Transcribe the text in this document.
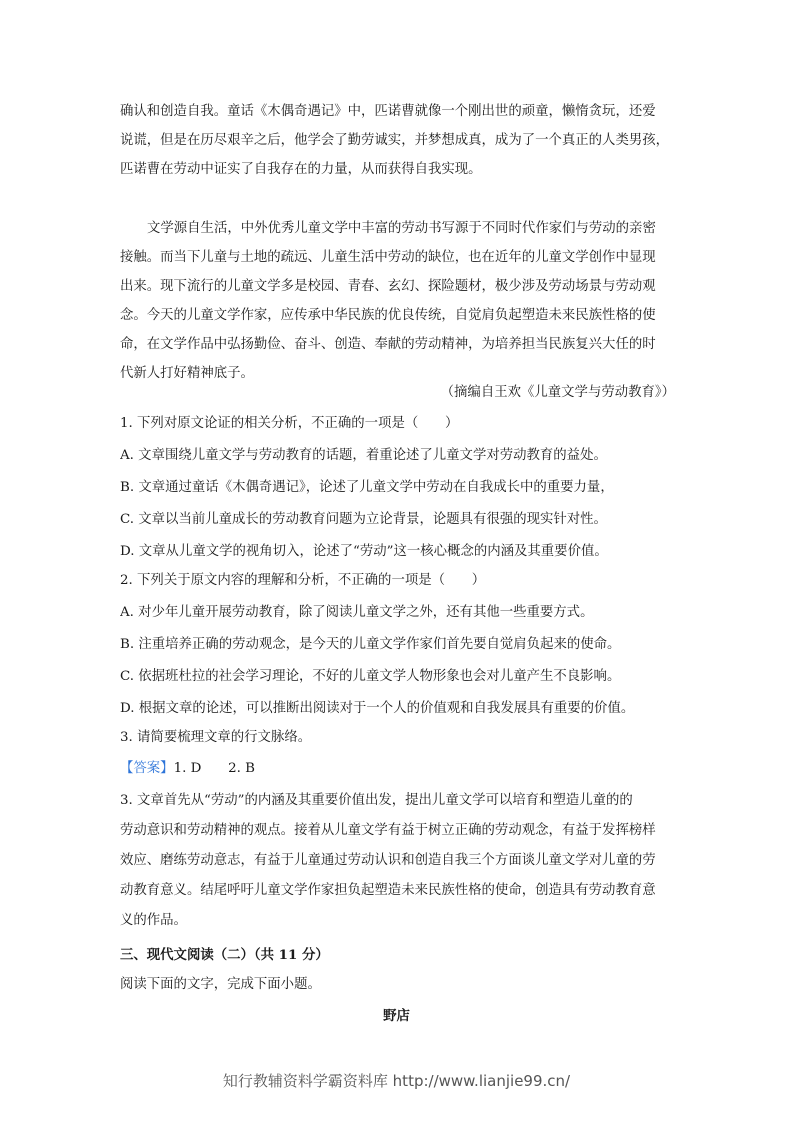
确认和创造自我。童话《木偶奇遇记》中，匹诺曹就像一个刚出世的顽童，懒惰贪玩，还爱
说谎，但是在历尽艰辛之后，他学会了勤劳诚实，并梦想成真，成为了一个真正的人类男孩，
匹诺曹在劳动中证实了自我存在的力量，从而获得自我实现。
文学源自生活，中外优秀儿童文学中丰富的劳动书写源于不同时代作家们与劳动的亲密
接触。而当下儿童与土地的疏远、儿童生活中劳动的缺位，也在近年的儿童文学创作中显现
出来。现下流行的儿童文学多是校园、青春、玄幻、探险题材，极少涉及劳动场景与劳动观
念。今天的儿童文学作家，应传承中华民族的优良传统，自觉肩负起塑造未来民族性格的使
命，在文学作品中弘扬勤俭、奋斗、创造、奉献的劳动精神，为培养担当民族复兴大任的时
代新人打好精神底子。
（摘编自王欢《儿童文学与劳动教育》）
1. 下列对原文论证的相关分析，不正确的一项是（　　）
A. 文章围绕儿童文学与劳动教育的话题，着重论述了儿童文学对劳动教育的益处。
B. 文章通过童话《木偶奇遇记》，论述了儿童文学中劳动在自我成长中的重要力量，
C. 文章以当前儿童成长的劳动教育问题为立论背景，论题具有很强的现实针对性。
D. 文章从儿童文学的视角切入，论述了“劳动”这一核心概念的内涵及其重要价值。
2. 下列关于原文内容的理解和分析，不正确的一项是（　　）
A. 对少年儿童开展劳动教育，除了阅读儿童文学之外，还有其他一些重要方式。
B. 注重培养正确的劳动观念，是今天的儿童文学作家们首先要自觉肩负起来的使命。
C. 依据班杜拉的社会学习理论，不好的儿童文学人物形象也会对儿童产生不良影响。
D. 根据文章的论述，可以推断出阅读对于一个人的价值观和自我发展具有重要的价值。
3. 请简要梳理文章的行文脉络。
【答案】1. D　　2. B
3. 文章首先从“劳动”的内涵及其重要价值出发，提出儿童文学可以培育和塑造儿童的的
劳动意识和劳动精神的观点。接着从儿童文学有益于树立正确的劳动观念，有益于发挥榜样
效应、磨练劳动意志，有益于儿童通过劳动认识和创造自我三个方面谈儿童文学对儿童的劳
动教育意义。结尾呼吁儿童文学作家担负起塑造未来民族性格的使命，创造具有劳动教育意
义的作品。
三、现代文阅读（二）（共 11 分）
阅读下面的文字，完成下面小题。
野店
知行教辅资料学霸资料库 http://www.lianjie99.cn/
